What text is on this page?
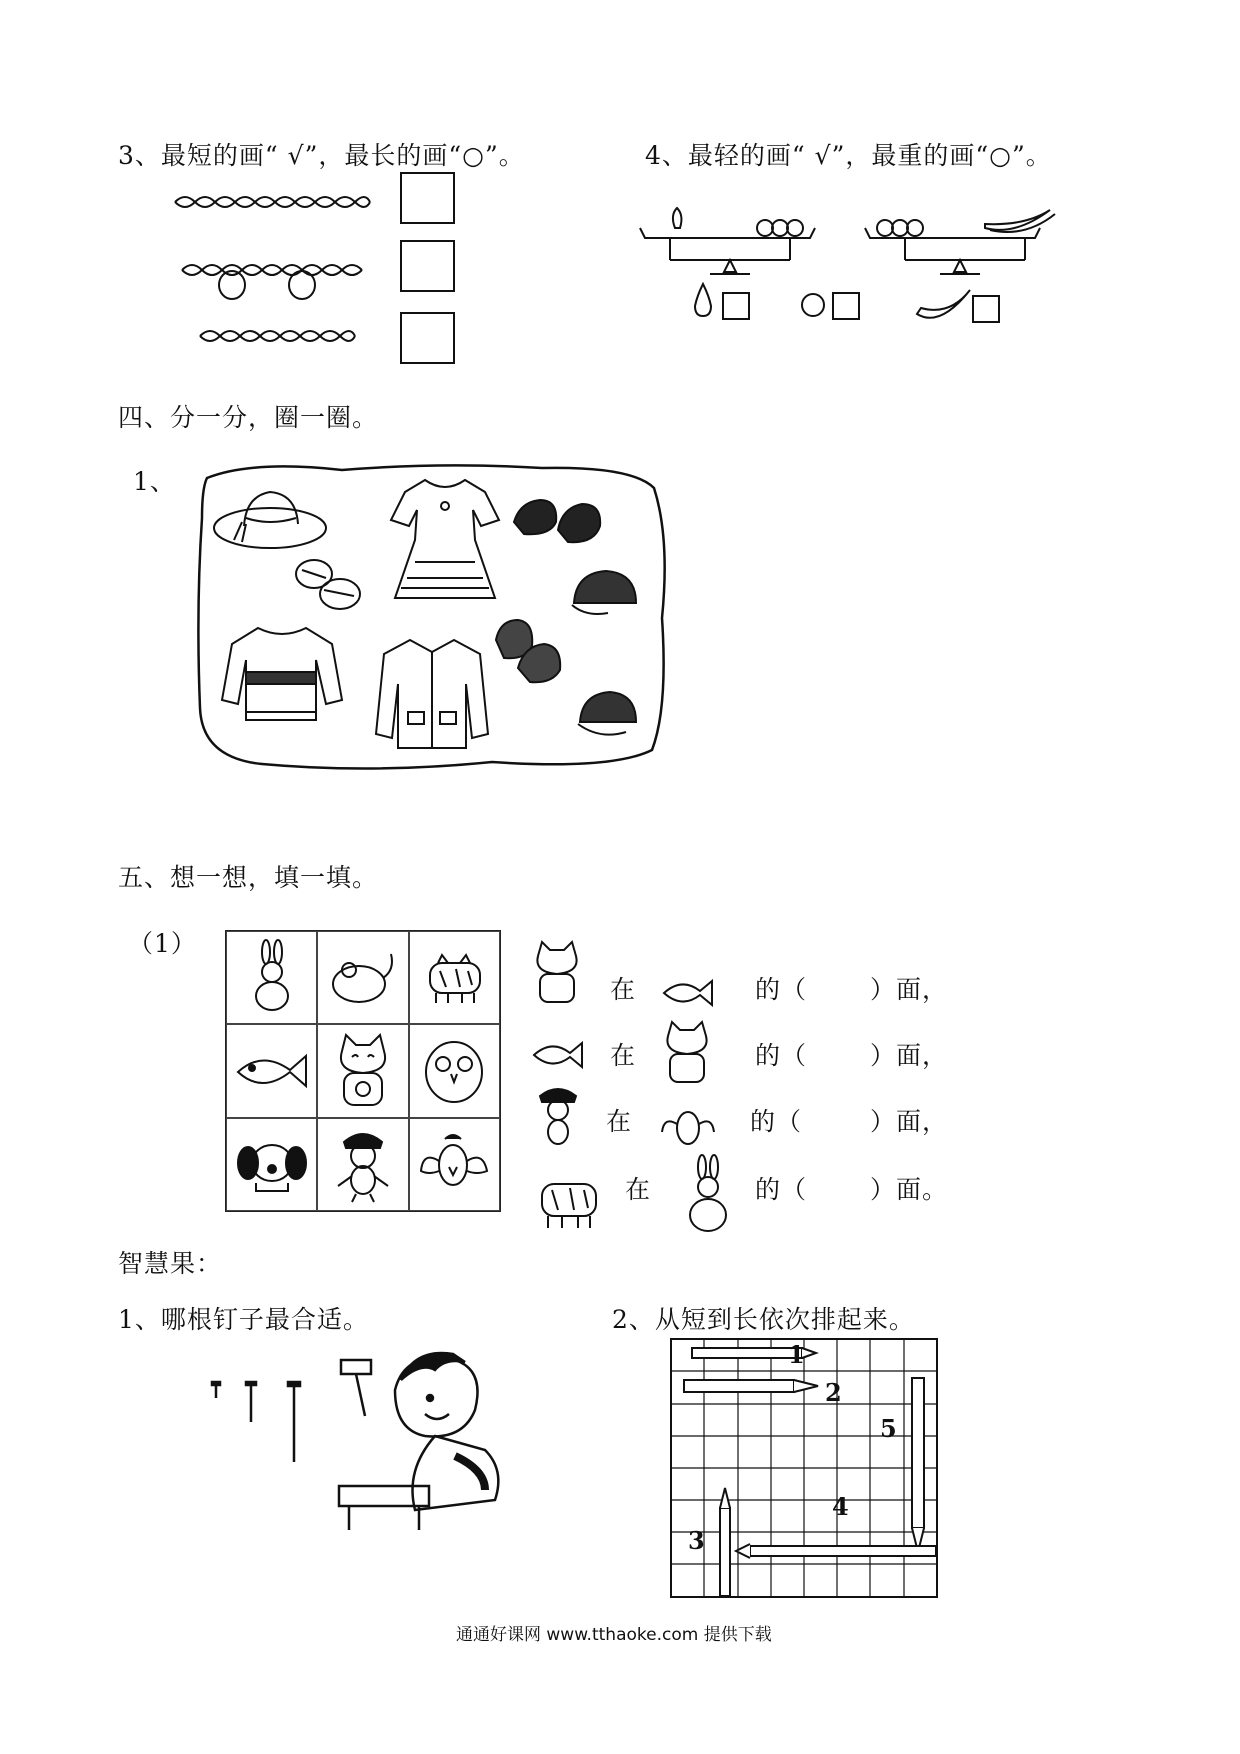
3、最短的画“ √”，最长的画“○”。	4、最轻的画“ √”，最重的画“○”。
四、分一分，圈一圈。
1、
五、想一想，填一填。
（1）
在	的（	）面，
在	的（	）面，
在	的（	）面，
在	的（	）面。
智慧果：
1、哪根钉子最合适。	2、从短到长依次排起来。
1
2
5
4
3
通通好课网 www.tthaoke.com 提供下载
